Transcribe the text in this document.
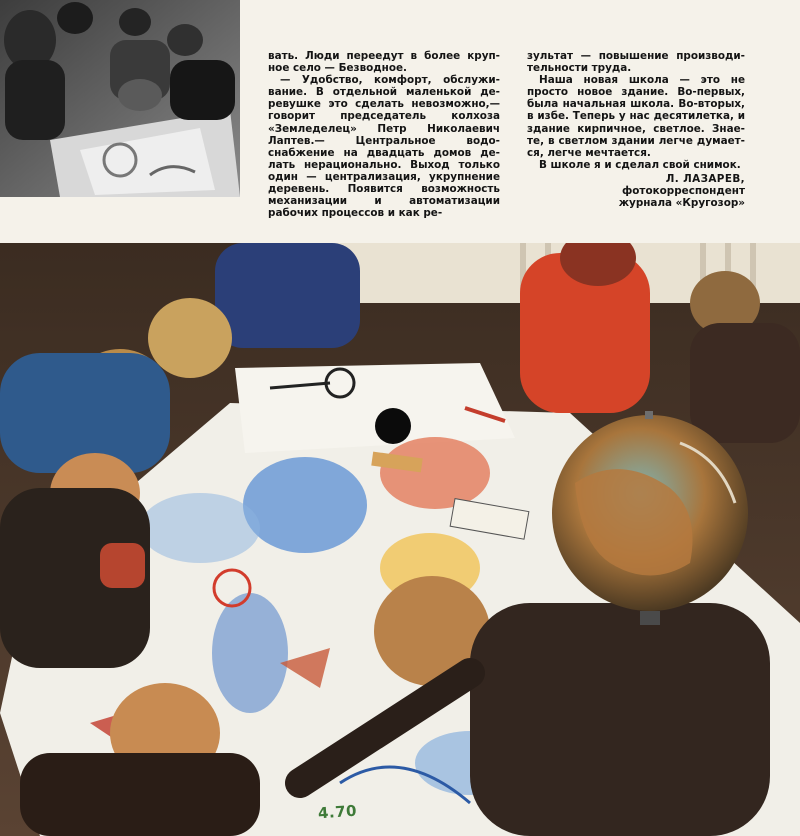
вать. Люди переедут в более крупное село — Безводное.

— Удобство, комфорт, обслуживание. В отдельной маленькой деревушке это сделать невозможно,— говорит председатель колхоза «Земледелец» Петр Николаевич Лаптев.— Центральное водоснабжение на двадцать домов делать нерационально. Выход только один — централизация, укрупнение деревень. Появится возможность механизации и автоматизации рабочих процессов и как ре-

зультат — повышение производительности труда.

Наша новая школа — это не просто новое здание. Во-первых, была начальная школа. Во-вторых, в избе. Теперь у нас десятилетка, и здание кирпичное, светлое. Знаете, в светлом здании легче думается, легче мечтается.

В школе я и сделал свой снимок.

Л. ЛАЗАРЕВ,

фотокорреспондент

журнала «Кругозор»

4.70
